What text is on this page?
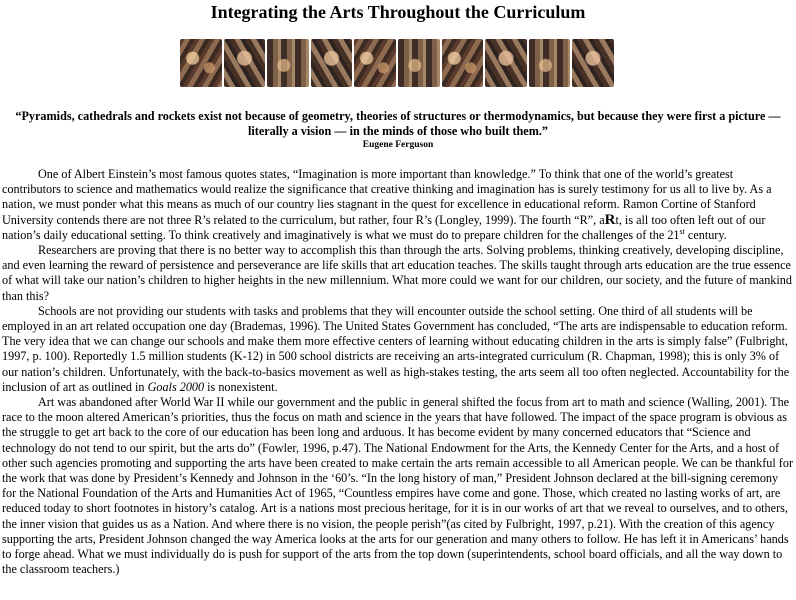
Integrating the Arts Throughout the Curriculum
“Pyramids, cathedrals and rockets exist not because of geometry, theories of structures or thermodynamics, but because they were first a picture — literally a vision — in the minds of those who built them.”
Eugene Ferguson

One of Albert Einstein’s most famous quotes states, “Imagination is more important than knowledge.” To think that one of the world’s greatest contributors to science and mathematics would realize the significance that creative thinking and imagination has is surely testimony for us all to live by. As a nation, we must ponder what this means as much of our country lies stagnant in the quest for excellence in educational reform. Ramon Cortine of Stanford University contends there are not three R’s related to the curriculum, but rather, four R’s (Longley, 1999). The fourth “R”, aRt, is all too often left out of our nation’s daily educational setting. To think creatively and imaginatively is what we must do to prepare children for the challenges of the 21st century.

Researchers are proving that there is no better way to accomplish this than through the arts. Solving problems, thinking creatively, developing discipline, and even learning the reward of persistence and perseverance are life skills that art education teaches. The skills taught through arts education are the true essence of what will take our nation’s children to higher heights in the new millennium. What more could we want for our children, our society, and the future of mankind than this?

Schools are not providing our students with tasks and problems that they will encounter outside the school setting. One third of all students will be employed in an art related occupation one day (Brademas, 1996). The United States Government has concluded, “The arts are indispensable to education reform. The very idea that we can change our schools and make them more effective centers of learning without educating children in the arts is simply false” (Fulbright, 1997, p. 100). Reportedly 1.5 million students (K-12) in 500 school districts are receiving an arts-integrated curriculum (R. Chapman, 1998); this is only 3% of our nation’s children. Unfortunately, with the back-to-basics movement as well as high-stakes testing, the arts seem all too often neglected. Accountability for the inclusion of art as outlined in Goals 2000 is nonexistent.

Art was abandoned after World War II while our government and the public in general shifted the focus from art to math and science (Walling, 2001). The race to the moon altered American’s priorities, thus the focus on math and science in the years that have followed. The impact of the space program is obvious as the struggle to get art back to the core of our education has been long and arduous. It has become evident by many concerned educators that “Science and technology do not tend to our spirit, but the arts do” (Fowler, 1996, p.47). The National Endowment for the Arts, the Kennedy Center for the Arts, and a host of other such agencies promoting and supporting the arts have been created to make certain the arts remain accessible to all American people. We can be thankful for the work that was done by President’s Kennedy and Johnson in the ‘60’s. “In the long history of man,” President Johnson declared at the bill-signing ceremony for the National Foundation of the Arts and Humanities Act of 1965, “Countless empires have come and gone. Those, which created no lasting works of art, are reduced today to short footnotes in history’s catalog. Art is a nations most precious heritage, for it is in our works of art that we reveal to ourselves, and to others, the inner vision that guides us as a Nation. And where there is no vision, the people perish”(as cited by Fulbright, 1997, p.21). With the creation of this agency supporting the arts, President Johnson changed the way America looks at the arts for our generation and many others to follow. He has left it in Americans’ hands to forge ahead. What we must individually do is push for support of the arts from the top down (superintendents, school board officials, and all the way down to the classroom teachers.)
